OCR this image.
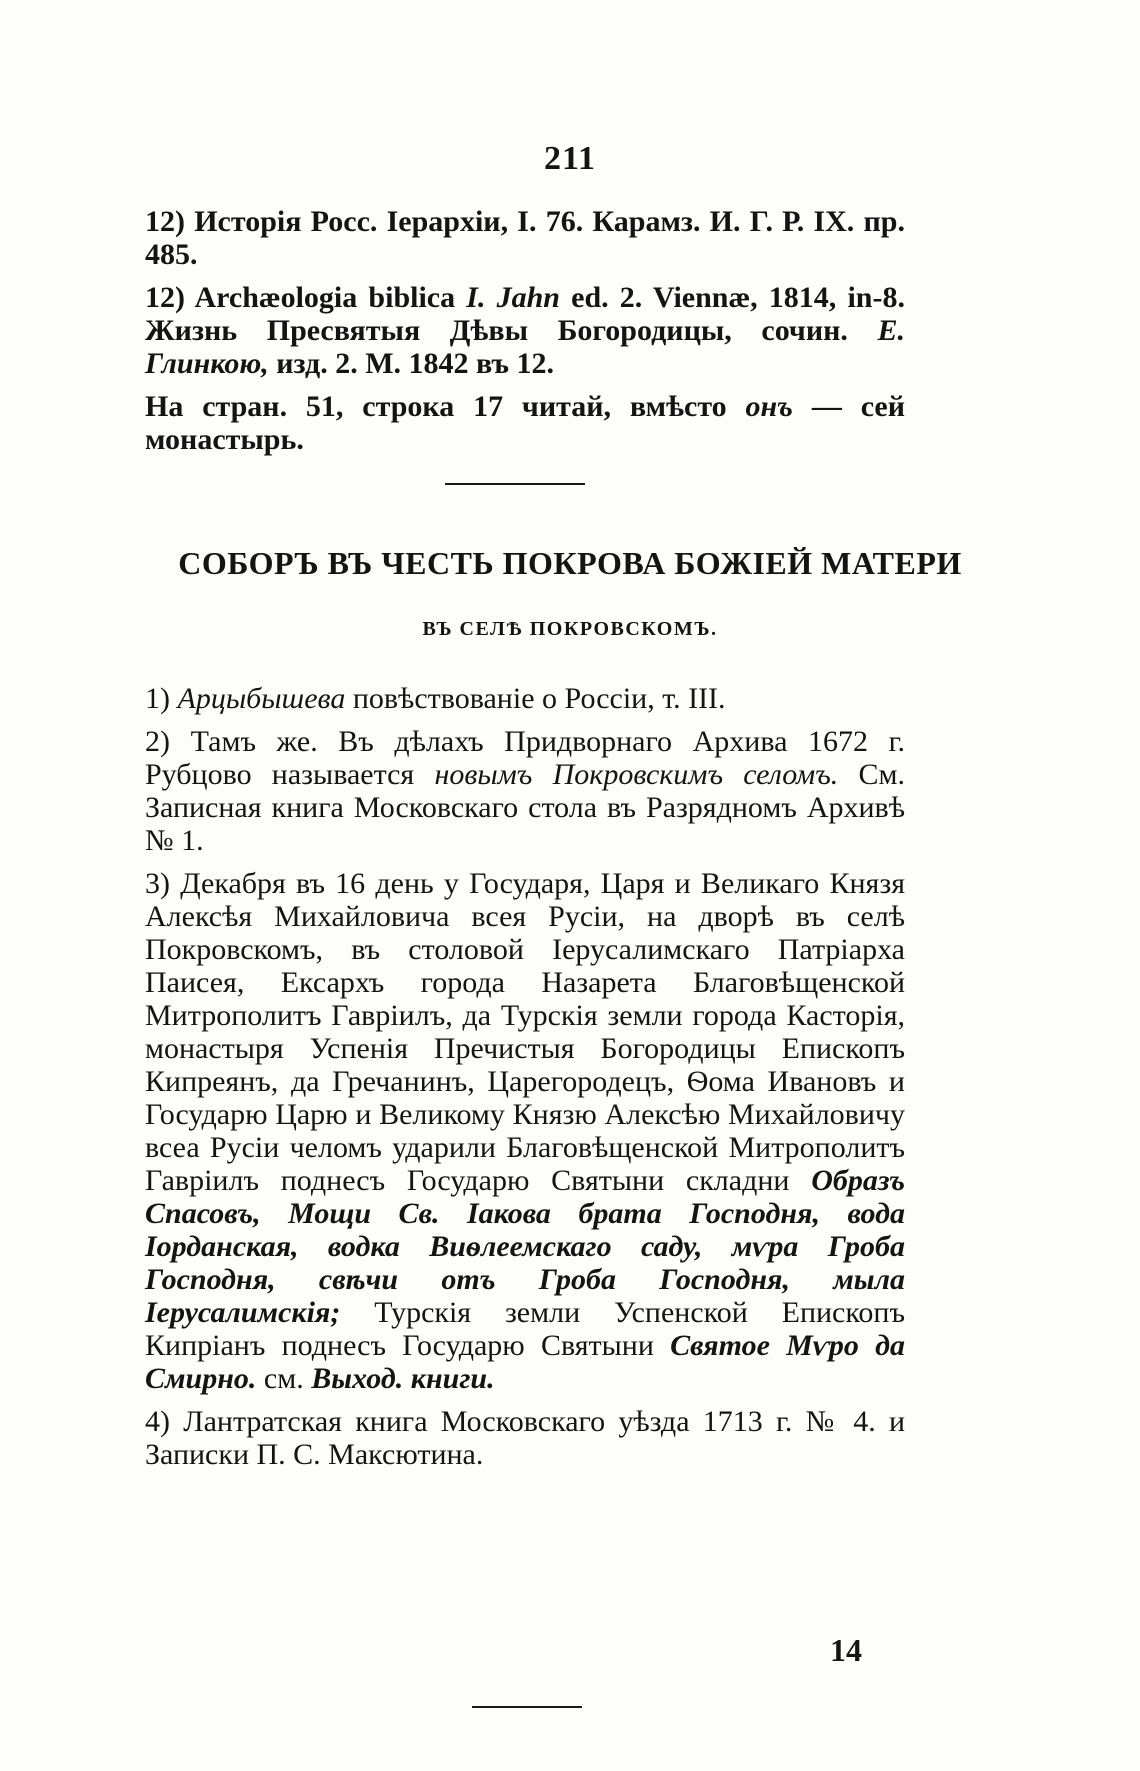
211

12) Исторія Росс. Іерархіи, І. 76. Карамз. И. Г. Р. IX. пр. 485.

12) Archæologia biblica I. Jahn ed. 2. Viennæ, 1814, in-8. Жизнь Пресвятыя Дѣвы Богородицы, сочин. Е. Глинкою, изд. 2. М. 1842 въ 12.

На стран. 51, строка 17 читай, вмѣсто онъ — сей монастырь.

СОБОРЪ ВЪ ЧЕСТЬ ПОКРОВА БОЖІЕЙ МАТЕРИ
ВЪ СЕЛѢ ПОКРОВСКОМЪ.

1) Арцыбышева повѣствованіе о Россіи, т. III.

2) Тамъ же. Въ дѣлахъ Придворнаго Архива 1672 г. Рубцово называется новымъ Покровскимъ селомъ. См. Записная книга Московскаго стола въ Разрядномъ Архивѣ № 1.

3) Декабря въ 16 день у Государя, Царя и Великаго Князя Алексѣя Михайловича всея Русіи, на дворѣ въ селѣ Покровскомъ, въ столовой Іерусалимскаго Патріарха Паисея, Ексархъ города Назарета Благовѣщенской Митрополитъ Гавріилъ, да Турскія земли города Касторія, монастыря Успенія Пречистыя Богородицы Епископъ Кипреянъ, да Гречанинъ, Царегородецъ, Ѳома Ивановъ и Государю Царю и Великому Князю Алексѣю Михайловичу всеа Русіи челомъ ударили Благовѣщенской Митрополитъ Гавріилъ поднесъ Государю Святыни складни Образъ Спасовъ, Мощи Св. Іакова брата Господня, вода Іорданская, водка Виѳлеемскаго саду, мѵра Гроба Господня, свѣчи отъ Гроба Господня, мыла Іерусалимскія; Турскія земли Успенской Епископъ Кипріанъ поднесъ Государю Святыни Святое Мѵро да Смирно. см. Выход. книги.

4) Лантратская книга Московскаго уѣзда 1713 г. № 4. и Записки П. С. Максютина.

14
